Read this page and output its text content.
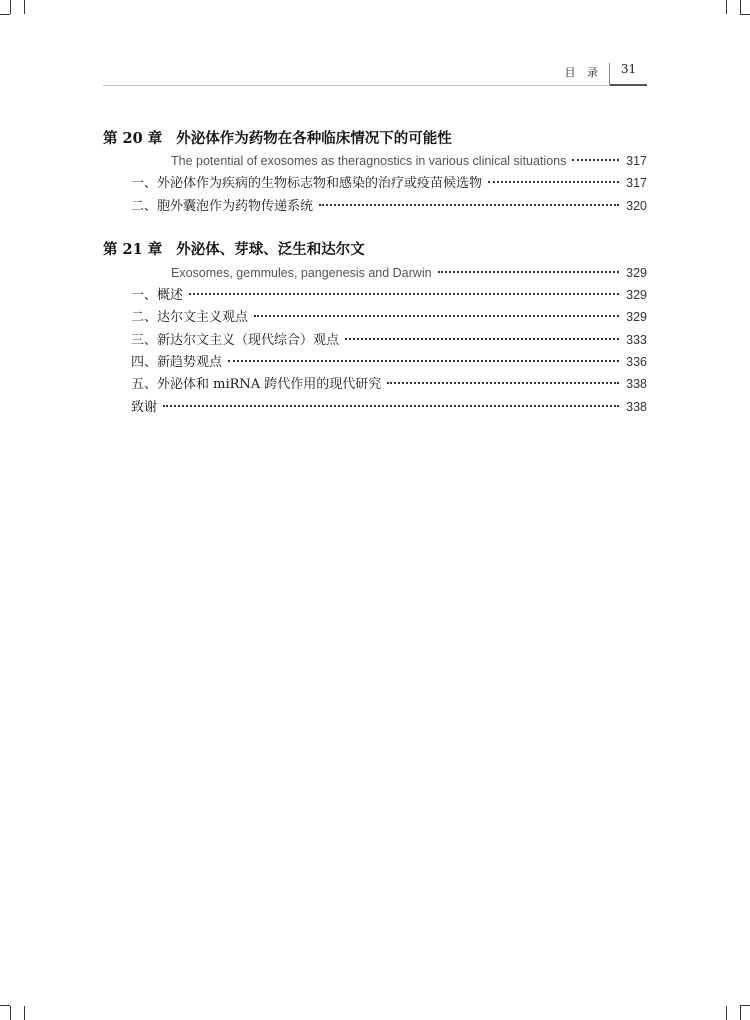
目 录	31
第 20 章 外泌体作为药物在各种临床情况下的可能性
The potential of exosomes as theragnostics in various clinical situations	317
一、外泌体作为疾病的生物标志物和感染的治疗或疫苗候选物	317
二、胞外囊泡作为药物传递系统	320
第 21 章 外泌体、芽球、泛生和达尔文
Exosomes, gemmules, pangenesis and Darwin	329
一、概述	329
二、达尔文主义观点	329
三、新达尔文主义（现代综合）观点	333
四、新趋势观点	336
五、外泌体和 miRNA 跨代作用的现代研究	338
致谢	338
